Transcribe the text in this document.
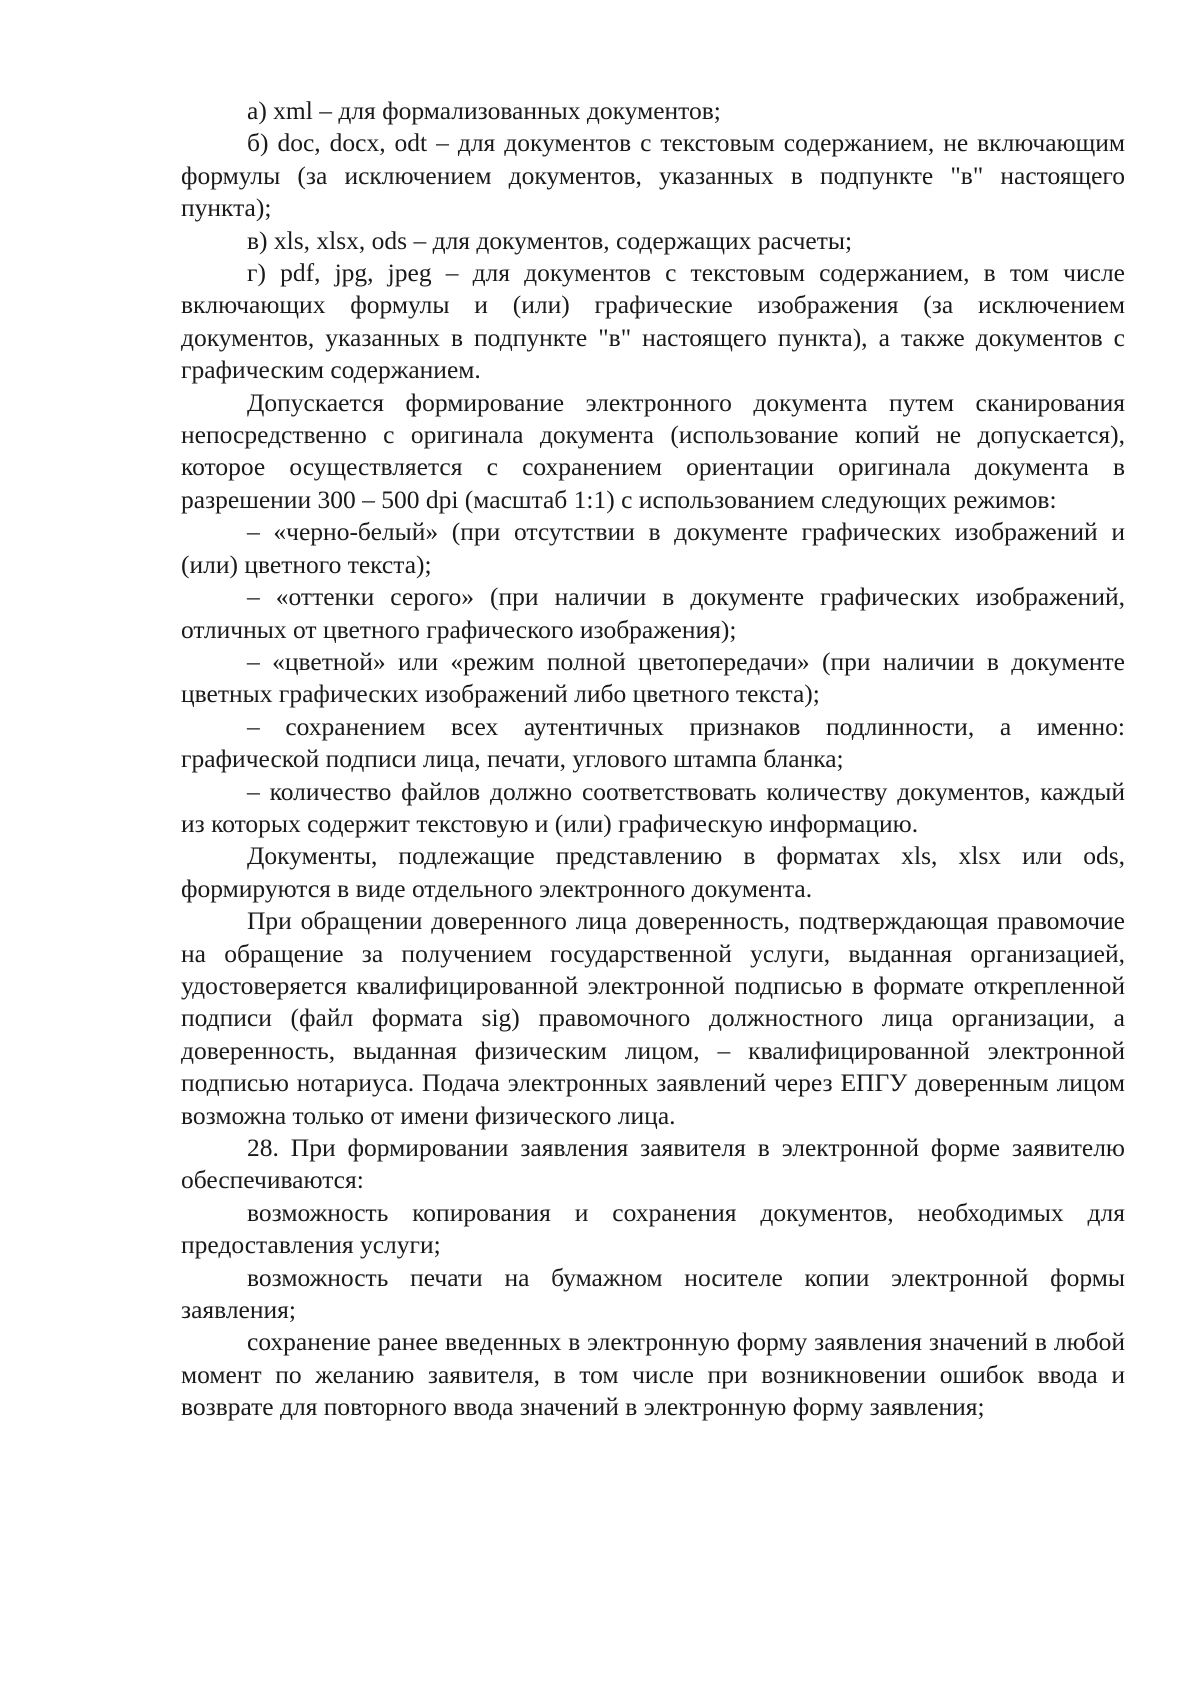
а) xml – для формализованных документов;

б) doc, docx, odt – для документов с текстовым содержанием, не включающим формулы (за исключением документов, указанных в подпункте "в" настоящего пункта);

в) xls, xlsx, ods – для документов, содержащих расчеты;

г) pdf, jpg, jpeg – для документов с текстовым содержанием, в том числе включающих формулы и (или) графические изображения (за исключением документов, указанных в подпункте "в" настоящего пункта), а также документов с графическим содержанием.

Допускается формирование электронного документа путем сканирования непосредственно с оригинала документа (использование копий не допускается), которое осуществляется с сохранением ориентации оригинала документа в разрешении 300 – 500 dpi (масштаб 1:1) с использованием следующих режимов:

– «черно-белый» (при отсутствии в документе графических изображений и (или) цветного текста);

– «оттенки серого» (при наличии в документе графических изображений, отличных от цветного графического изображения);

– «цветной» или «режим полной цветопередачи» (при наличии в документе цветных графических изображений либо цветного текста);

– сохранением всех аутентичных признаков подлинности, а именно: графической подписи лица, печати, углового штампа бланка;

– количество файлов должно соответствовать количеству документов, каждый из которых содержит текстовую и (или) графическую информацию.

Документы, подлежащие представлению в форматах xls, xlsx или ods, формируются в виде отдельного электронного документа.

При обращении доверенного лица доверенность, подтверждающая правомочие на обращение за получением государственной услуги, выданная организацией, удостоверяется квалифицированной электронной подписью в формате открепленной подписи (файл формата sig) правомочного должностного лица организации, а доверенность, выданная физическим лицом, – квалифицированной электронной подписью нотариуса. Подача электронных заявлений через ЕПГУ доверенным лицом возможна только от имени физического лица.

28. При формировании заявления заявителя в электронной форме заявителю обеспечиваются:

возможность копирования и сохранения документов, необходимых для предоставления услуги;

возможность печати на бумажном носителе копии электронной формы заявления;

сохранение ранее введенных в электронную форму заявления значений в любой момент по желанию заявителя, в том числе при возникновении ошибок ввода и возврате для повторного ввода значений в электронную форму заявления;
